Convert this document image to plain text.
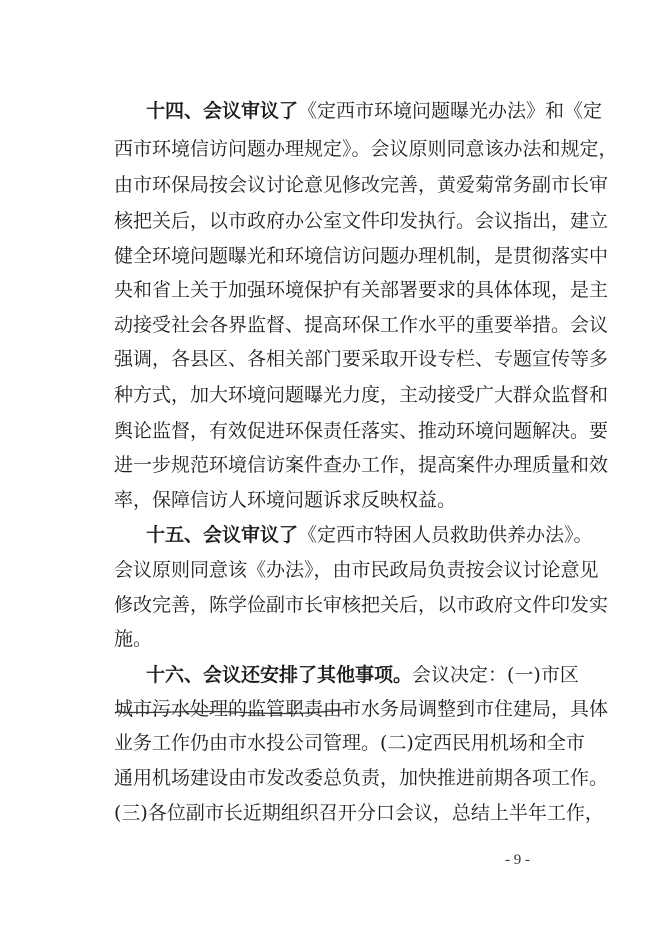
十四、会议审议了《定西市环境问题曝光办法》和《定
西市环境信访问题办理规定》。会议原则同意该办法和规定，
由市环保局按会议讨论意见修改完善，黄爱菊常务副市长审
核把关后，以市政府办公室文件印发执行。会议指出，建立
健全环境问题曝光和环境信访问题办理机制，是贯彻落实中
央和省上关于加强环境保护有关部署要求的具体体现，是主
动接受社会各界监督、提高环保工作水平的重要举措。会议
强调，各县区、各相关部门要采取开设专栏、专题宣传等多
种方式，加大环境问题曝光力度，主动接受广大群众监督和
舆论监督，有效促进环保责任落实、推动环境问题解决。要
进一步规范环境信访案件查办工作，提高案件办理质量和效
率，保障信访人环境问题诉求反映权益。
十五、会议审议了《定西市特困人员救助供养办法》。
会议原则同意该《办法》，由市民政局负责按会议讨论意见
修改完善，陈学俭副市长审核把关后，以市政府文件印发实
施。
十六、会议还安排了其他事项。会议决定：(一)市区
城市污水处理的监管职责由市水务局调整到市住建局，具体
业务工作仍由市水投公司管理。(二)定西民用机场和全市
通用机场建设由市发改委总负责，加快推进前期各项工作。
(三)各位副市长近期组织召开分口会议，总结上半年工作，
- 9 -
